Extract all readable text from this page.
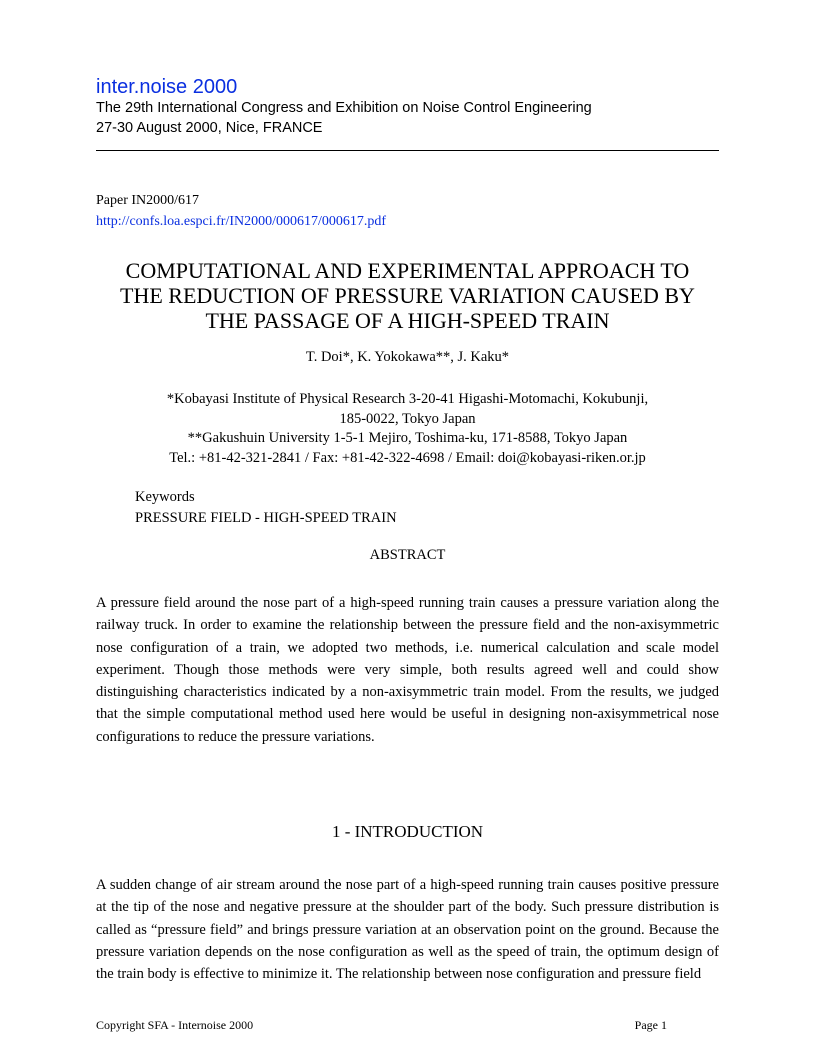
inter.noise 2000
The 29th International Congress and Exhibition on Noise Control Engineering
27-30 August 2000, Nice, FRANCE
Paper IN2000/617
http://confs.loa.espci.fr/IN2000/000617/000617.pdf
COMPUTATIONAL AND EXPERIMENTAL APPROACH TO
THE REDUCTION OF PRESSURE VARIATION CAUSED BY
THE PASSAGE OF A HIGH-SPEED TRAIN
T. Doi*, K. Yokokawa**, J. Kaku*
*Kobayasi Institute of Physical Research 3-20-41 Higashi-Motomachi, Kokubunji,
185-0022, Tokyo Japan
**Gakushuin University 1-5-1 Mejiro, Toshima-ku, 171-8588, Tokyo Japan
Tel.: +81-42-321-2841 / Fax: +81-42-322-4698 / Email: doi@kobayasi-riken.or.jp
Keywords
PRESSURE FIELD - HIGH-SPEED TRAIN
ABSTRACT
A pressure field around the nose part of a high-speed running train causes a pressure variation along the railway truck. In order to examine the relationship between the pressure field and the non-axisymmetric nose configuration of a train, we adopted two methods, i.e. numerical calculation and scale model experiment. Though those methods were very simple, both results agreed well and could show distinguishing characteristics indicated by a non-axisymmetric train model. From the results, we judged that the simple computational method used here would be useful in designing non-axisymmetrical nose configurations to reduce the pressure variations.
1 - INTRODUCTION
A sudden change of air stream around the nose part of a high-speed running train causes positive pressure at the tip of the nose and negative pressure at the shoulder part of the body. Such pressure distribution is called as “pressure field” and brings pressure variation at an observation point on the ground. Because the pressure variation depends on the nose configuration as well as the speed of train, the optimum design of the train body is effective to minimize it. The relationship between nose configuration and pressure field
Copyright SFA - Internoise 2000	Page 1
